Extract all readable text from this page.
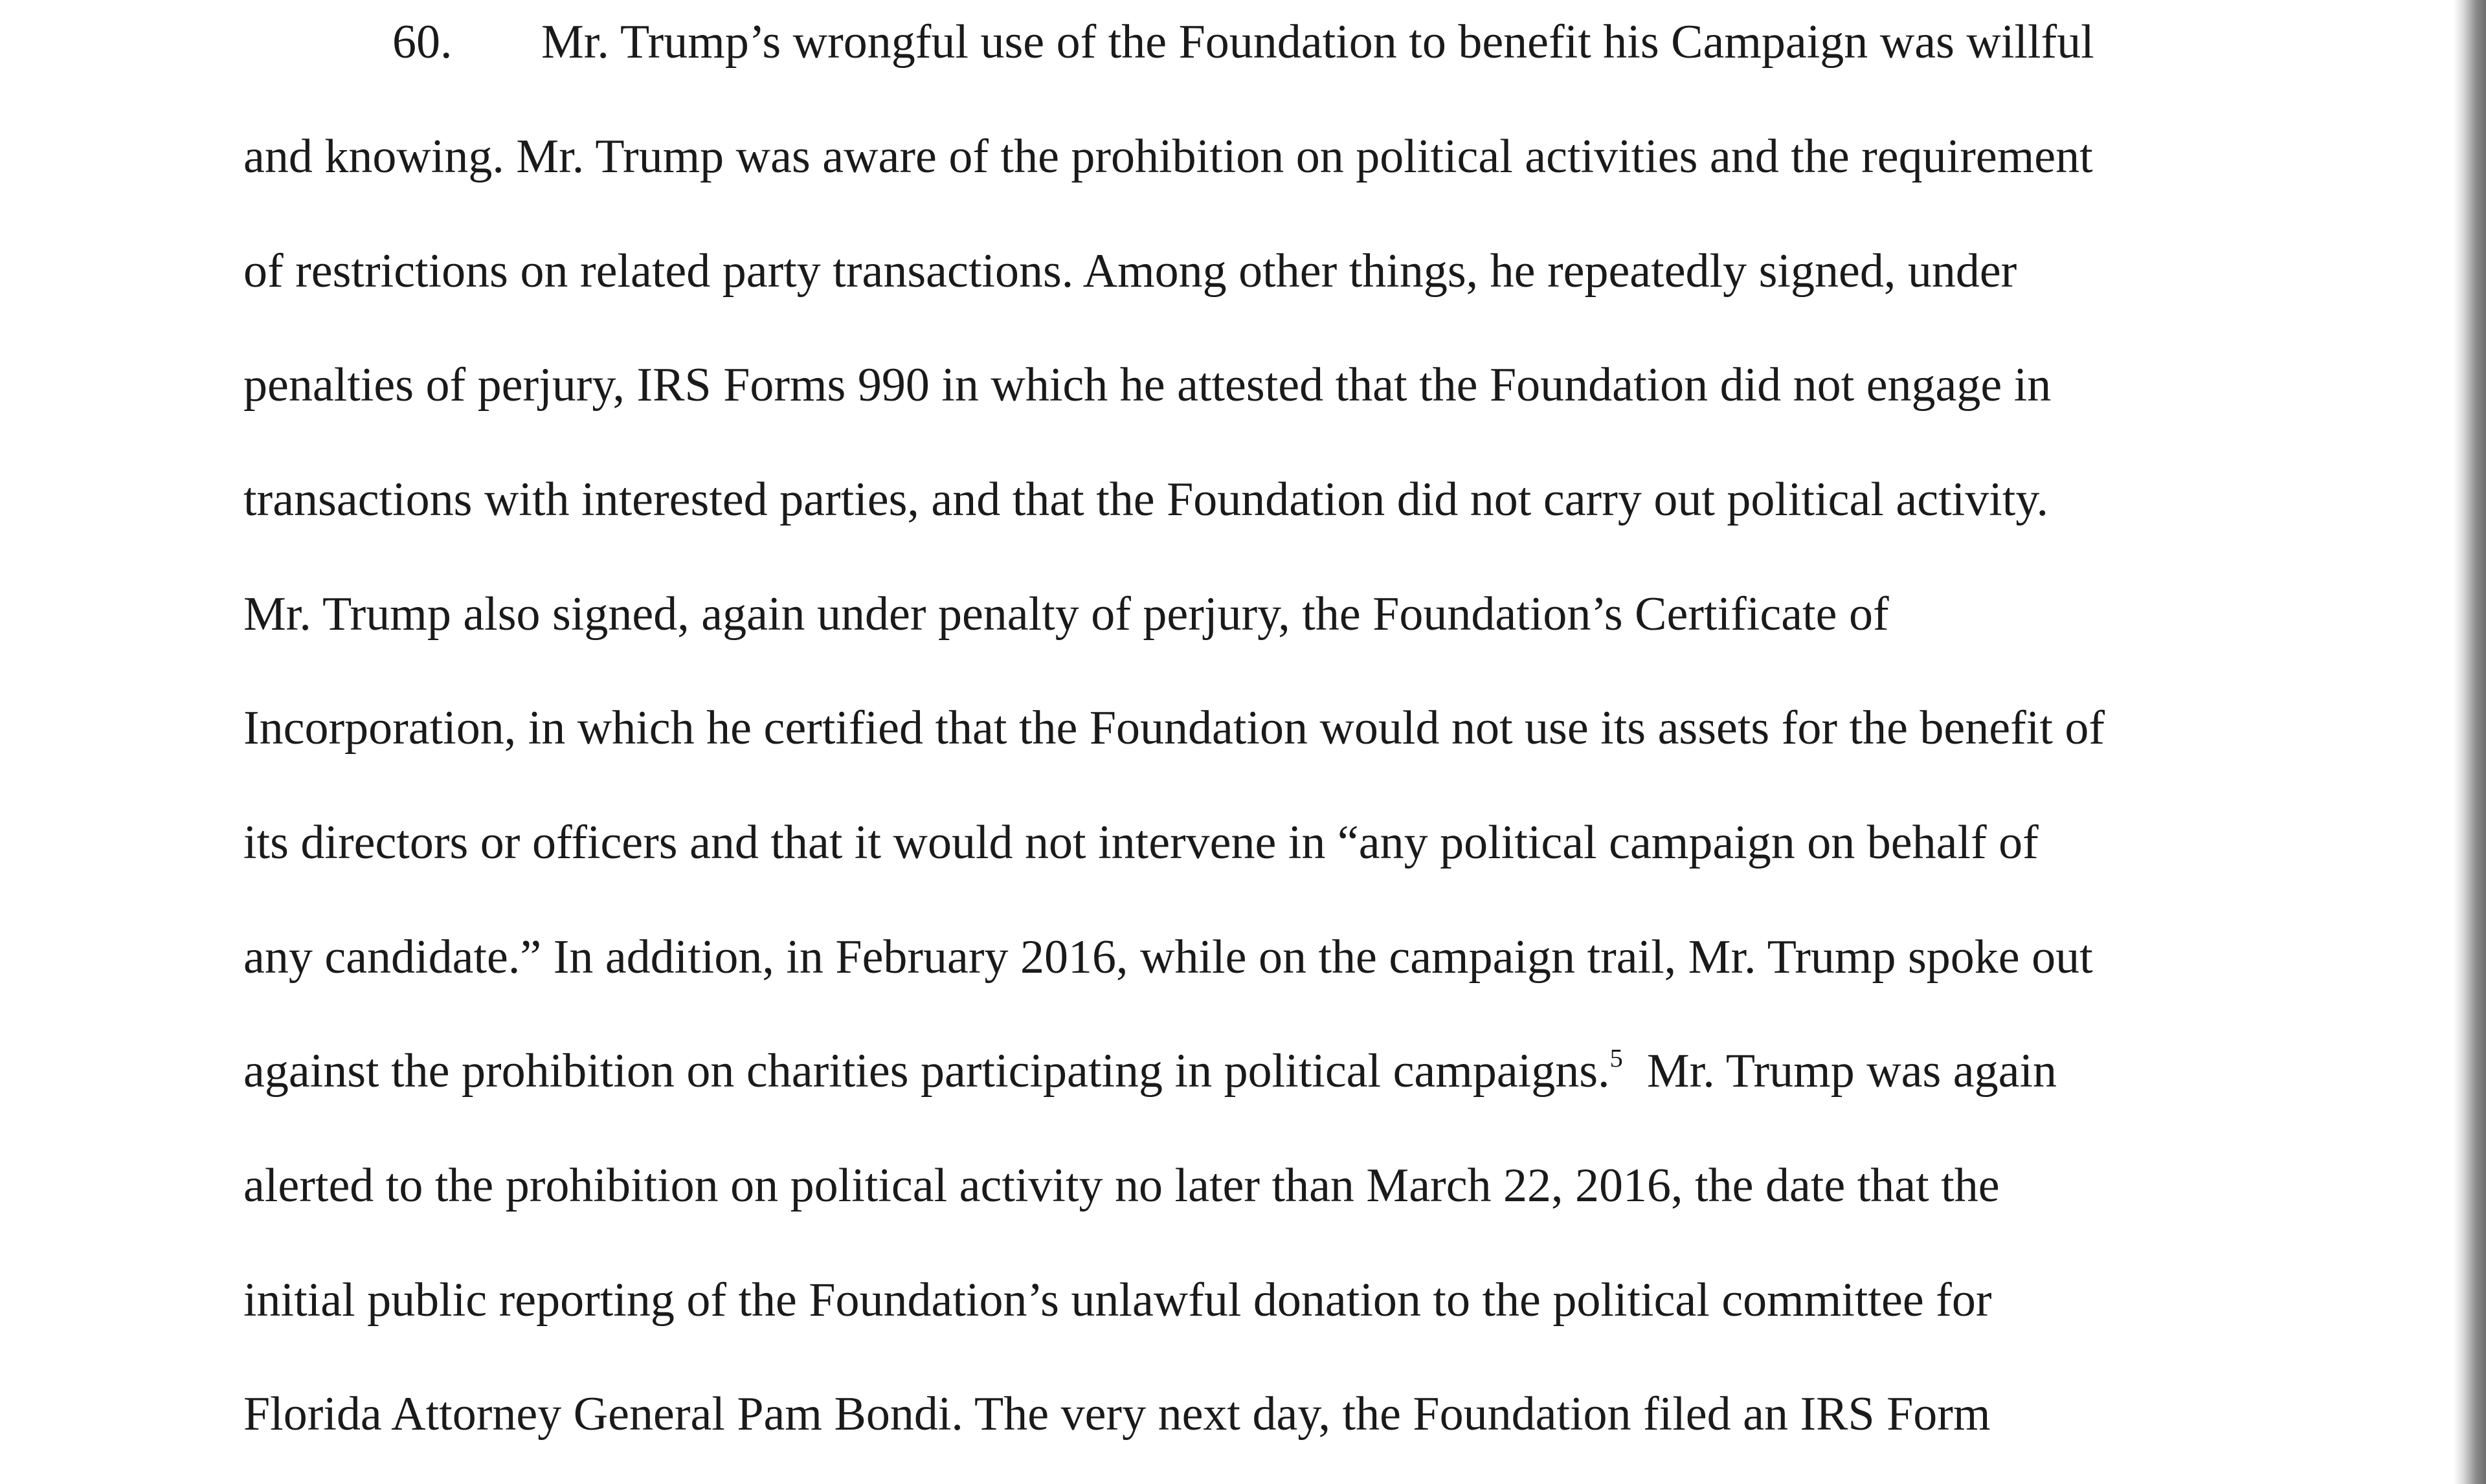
60. Mr. Trump’s wrongful use of the Foundation to benefit his Campaign was willful
and knowing. Mr. Trump was aware of the prohibition on political activities and the requirement
of restrictions on related party transactions. Among other things, he repeatedly signed, under
penalties of perjury, IRS Forms 990 in which he attested that the Foundation did not engage in
transactions with interested parties, and that the Foundation did not carry out political activity.
Mr. Trump also signed, again under penalty of perjury, the Foundation’s Certificate of
Incorporation, in which he certified that the Foundation would not use its assets for the benefit of
its directors or officers and that it would not intervene in “any political campaign on behalf of
any candidate.” In addition, in February 2016, while on the campaign trail, Mr. Trump spoke out
against the prohibition on charities participating in political campaigns.$^5$  Mr. Trump was again
alerted to the prohibition on political activity no later than March 22, 2016, the date that the
initial public reporting of the Foundation’s unlawful donation to the political committee for
Florida Attorney General Pam Bondi. The very next day, the Foundation filed an IRS Form
